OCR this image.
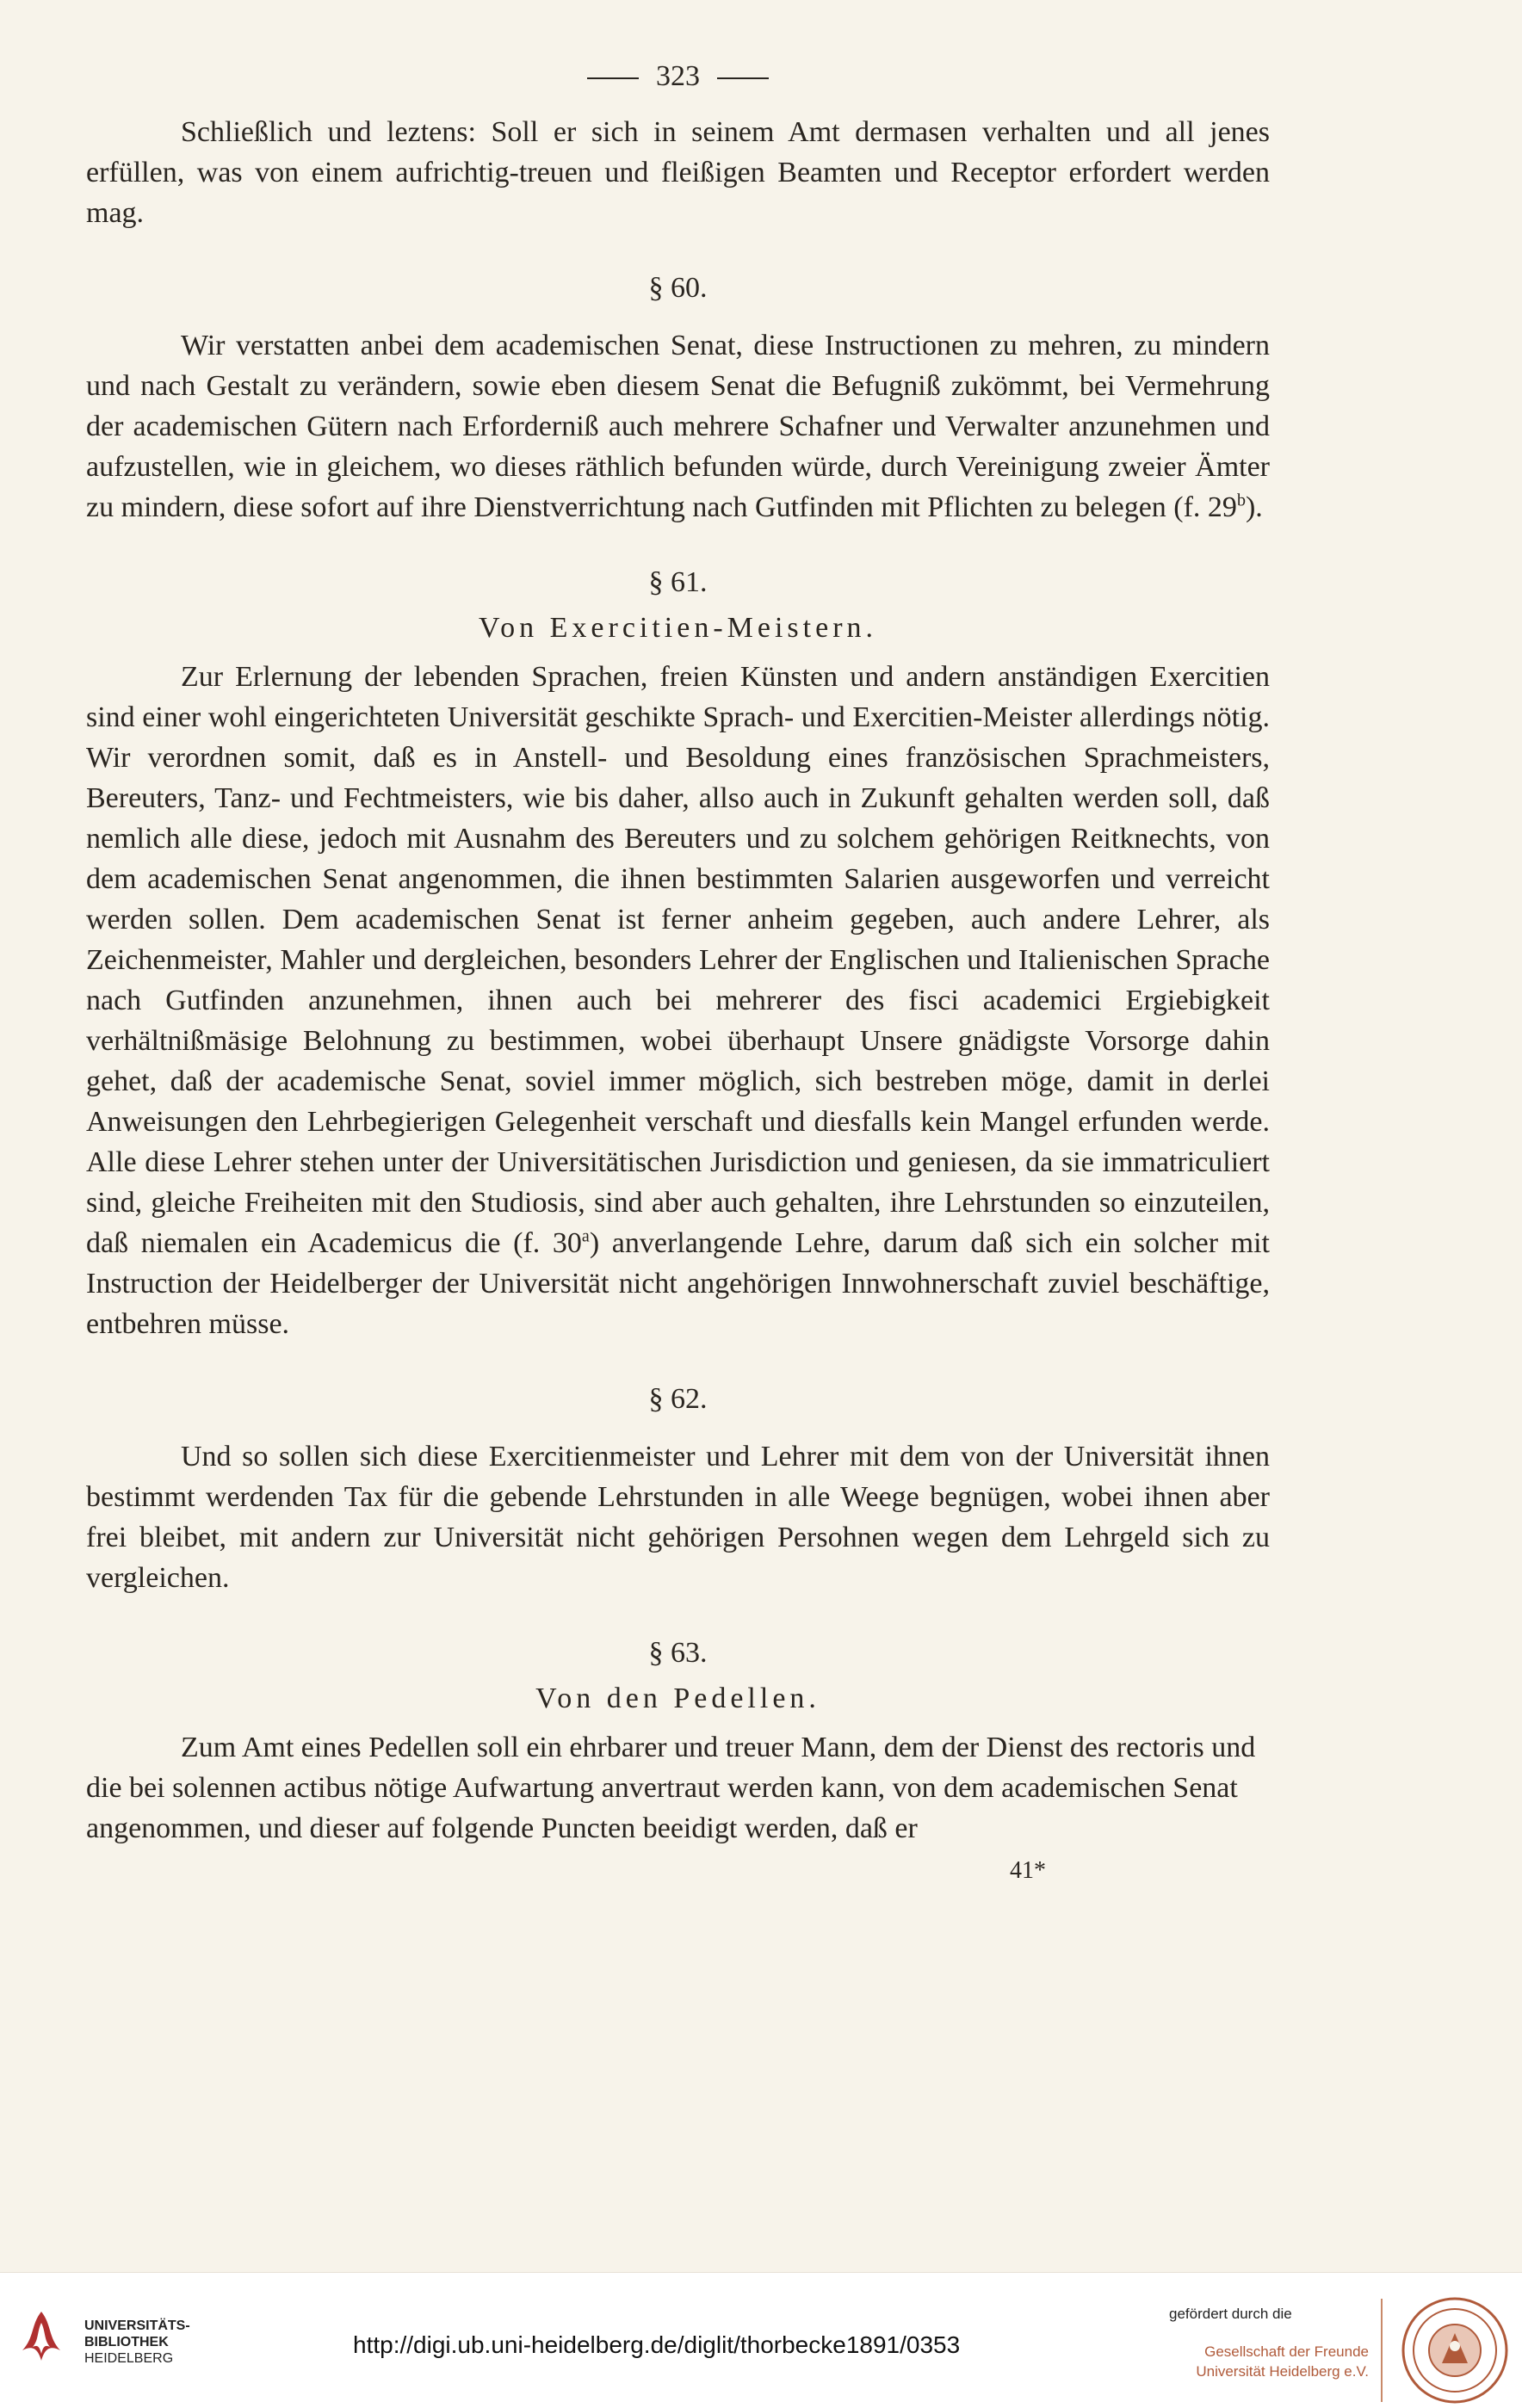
323

Schließlich und leztens: Soll er sich in seinem Amt dermasen verhalten und all jenes erfüllen, was von einem aufrichtig-treuen und fleißigen Beamten und Receptor erfordert werden mag.

§ 60.

Wir verstatten anbei dem academischen Senat, diese Instructionen zu mehren, zu mindern und nach Gestalt zu verändern, sowie eben diesem Senat die Befugniß zukömmt, bei Vermehrung der academischen Gütern nach Erforderniß auch mehrere Schafner und Verwalter anzunehmen und aufzustellen, wie in gleichem, wo dieses räthlich befunden würde, durch Vereinigung zweier Ämter zu mindern, diese sofort auf ihre Dienstverrichtung nach Gutfinden mit Pflichten zu belegen (f. 29$^b$).

§ 61.
Von Exercitien-Meistern.

Zur Erlernung der lebenden Sprachen, freien Künsten und andern anständigen Exercitien sind einer wohl eingerichteten Universität geschikte Sprach- und Exercitien-Meister allerdings nötig. Wir verordnen somit, daß es in Anstell- und Besoldung eines französischen Sprachmeisters, Bereuters, Tanz- und Fechtmeisters, wie bis daher, allso auch in Zukunft gehalten werden soll, daß nemlich alle diese, jedoch mit Ausnahm des Bereuters und zu solchem gehörigen Reitknechts, von dem academischen Senat angenommen, die ihnen bestimmten Salarien ausgeworfen und verreicht werden sollen. Dem academischen Senat ist ferner anheim gegeben, auch andere Lehrer, als Zeichenmeister, Mahler und dergleichen, besonders Lehrer der Englischen und Italienischen Sprache nach Gutfinden anzunehmen, ihnen auch bei mehrerer des fisci academici Ergiebigkeit verhältnißmäsige Belohnung zu bestimmen, wobei überhaupt Unsere gnädigste Vorsorge dahin gehet, daß der academische Senat, soviel immer möglich, sich bestreben möge, damit in derlei Anweisungen den Lehrbegierigen Gelegenheit verschaft und diesfalls kein Mangel erfunden werde. Alle diese Lehrer stehen unter der Universitätischen Jurisdiction und geniesen, da sie immatriculiert sind, gleiche Freiheiten mit den Studiosis, sind aber auch gehalten, ihre Lehrstunden so einzuteilen, daß niemalen ein Academicus die (f. 30$^a$) anverlangende Lehre, darum daß sich ein solcher mit Instruction der Heidelberger der Universität nicht angehörigen Innwohnerschaft zuviel beschäftige, entbehren müsse.

§ 62.

Und so sollen sich diese Exercitienmeister und Lehrer mit dem von der Universität ihnen bestimmt werdenden Tax für die gebende Lehrstunden in alle Weege begnügen, wobei ihnen aber frei bleibet, mit andern zur Universität nicht gehörigen Persohnen wegen dem Lehrgeld sich zu vergleichen.

§ 63.
Von den Pedellen.

Zum Amt eines Pedellen soll ein ehrbarer und treuer Mann, dem der Dienst des rectoris und die bei solennen actibus nötige Aufwartung anvertraut werden kann, von dem academischen Senat angenommen, und dieser auf folgende Puncten beeidigt werden, daß er

41*
UNIVERSITÄTS-
BIBLIOTHEK
HEIDELBERG
http://digi.ub.uni-heidelberg.de/diglit/thorbecke1891/0353
gefördert durch die
Gesellschaft der Freunde
Universität Heidelberg e.V.
